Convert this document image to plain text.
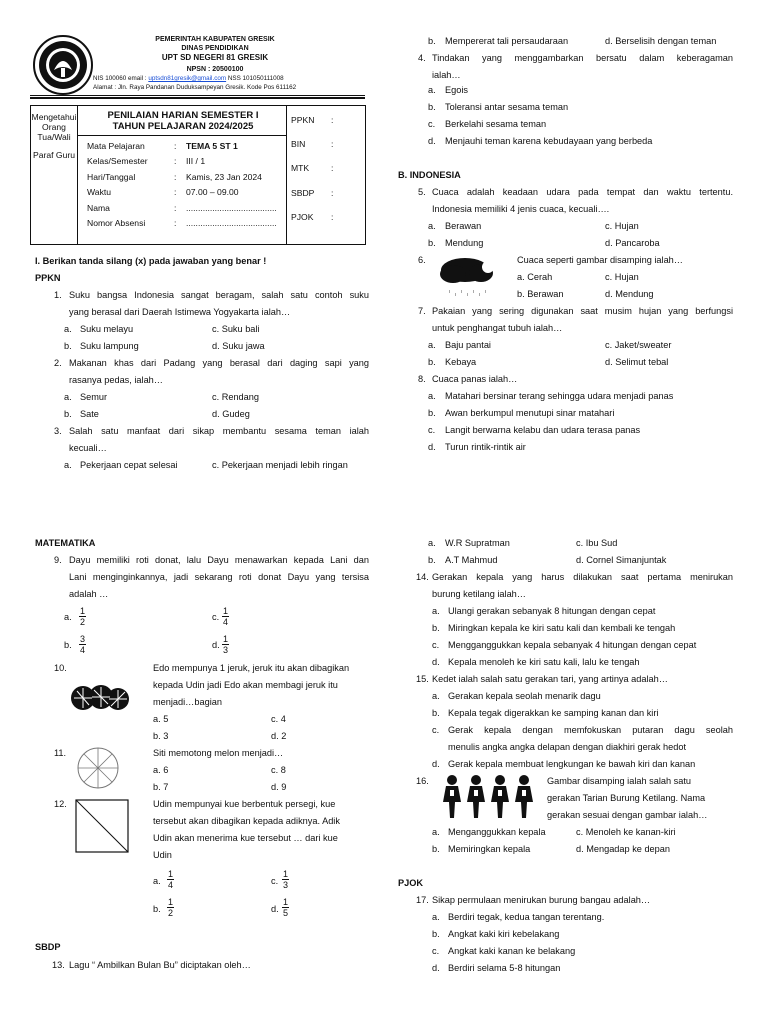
PEMERINTAH KABUPATEN GRESIK
DINAS PENDIDIKAN
UPT SD NEGERI 81 GRESIK
NPSN : 20500100
NIS 100060 email : uptsdn81gresik@gmail.com NSS 101050111008
Alamat : Jln. Raya Pandanan Duduksampeyan Gresik. Kode Pos 611162
Mengetahui
Orang
Tua/Wali
Paraf Guru
PENILAIAN HARIAN SEMESTER I
TAHUN PELAJARAN 2024/2025
Mata Pelajaran	:	TEMA 5 ST 1
Kelas/Semester	:	III / 1
Hari/Tanggal	:	Kamis, 23 Jan 2024
Waktu	:	07.00 – 09.00
Nama	:	......................................
Nomor Absensi	:	......................................
PPKN	:
BIN	:
MTK	:
SBDP	:
PJOK	:
I. Berikan tanda silang (x) pada jawaban yang benar !
PPKN
1. Suku bangsa Indonesia sangat beragam, salah satu contoh suku
yang berasal dari Daerah Istimewa Yogyakarta ialah…
a. Suku melayu	c. Suku bali
b. Suku lampung	d. Suku jawa
2. Makanan khas dari Padang yang berasal dari daging sapi yang
rasanya pedas, ialah…
a. Semur	c. Rendang
b. Sate	d. Gudeg
3. Salah satu manfaat dari sikap membantu sesama teman ialah
kecuali…
a. Pekerjaan cepat selesai	c. Pekerjaan menjadi lebih ringan
b. Mempererat tali persaudaraan	d. Berselisih dengan teman
4. Tindakan yang menggambarkan bersatu dalam keberagaman
ialah…
a. Egois
b. Toleransi antar sesama teman
c. Berkelahi sesama teman
d. Menjauhi teman karena kebudayaan yang berbeda
B. INDONESIA
5. Cuaca adalah keadaan udara pada tempat dan waktu tertentu.
Indonesia memiliki 4 jenis cuaca, kecuali….
a. Berawan	c. Hujan
b. Mendung	d. Pancaroba
6.	Cuaca seperti gambar disamping ialah…
a. Cerah	c. Hujan
b. Berawan	d. Mendung
7. Pakaian yang sering digunakan saat musim hujan yang berfungsi
untuk penghangat tubuh ialah…
a. Baju pantai	c. Jaket/sweater
b. Kebaya	d. Selimut tebal
8. Cuaca panas ialah…
a. Matahari bersinar terang sehingga udara menjadi panas
b. Awan berkumpul menutupi sinar matahari
c. Langit berwarna kelabu dan udara terasa panas
d. Turun rintik-rintik air
MATEMATIKA
9. Dayu memiliki roti donat, lalu Dayu menawarkan kepada Lani dan
Lani menginginkannya, jadi sekarang roti donat Dayu yang tersisa
adalah …
a. $\frac{1}{2}$	c. $\frac{1}{4}$
b. $\frac{3}{4}$	d. $\frac{1}{3}$
10.	Edo mempunya 1 jeruk, jeruk itu akan dibagikan
kepada Udin jadi Edo akan membagi jeruk itu
menjadi…bagian
a. 5	c. 4
b. 3	d. 2
11.	Siti memotong melon menjadi…
a. 6	c. 8
b. 7	d. 9
12.	Udin mempunyai kue berbentuk persegi, kue
tersebut akan dibagikan kepada adiknya. Adik
Udin akan menerima kue tersebut … dari kue
Udin
a. $\frac{1}{4}$	c. $\frac{1}{3}$
b. $\frac{1}{2}$	d. $\frac{1}{5}$
SBDP
13. Lagu “ Ambilkan Bulan Bu” diciptakan oleh…
a. W.R Supratman	c. Ibu Sud
b. A.T Mahmud	d. Cornel Simanjuntak
14. Gerakan kepala yang harus dilakukan saat pertama menirukan
burung ketilang ialah…
a. Ulangi gerakan sebanyak 8 hitungan dengan cepat
b. Miringkan kepala ke kiri satu kali dan kembali ke tengah
c. Mengganggukkan kepala sebanyak 4 hitungan dengan cepat
d. Kepala menoleh ke kiri satu kali, lalu ke tengah
15. Kedet ialah salah satu gerakan tari, yang artinya adalah…
a. Gerakan kepala seolah menarik dagu
b. Kepala tegak digerakkan ke samping kanan dan kiri
c. Gerak kepala dengan memfokuskan putaran dagu seolah
menulis angka angka delapan dengan diakhiri gerak hedot
d. Gerak kepala membuat lengkungan ke bawah kiri dan kanan
16.	Gambar disamping ialah salah satu
gerakan Tarian Burung Ketilang. Nama
gerakan sesuai dengan gambar ialah…
a. Menganggukkan kepala	c. Menoleh ke kanan-kiri
b. Memiringkan kepala	d. Mengadap ke depan
PJOK
17. Sikap permulaan menirukan burung bangau adalah…
a. Berdiri tegak, kedua tangan terentang.
b. Angkat kaki kiri kebelakang
c. Angkat kaki kanan ke belakang
d. Berdiri selama 5-8 hitungan
